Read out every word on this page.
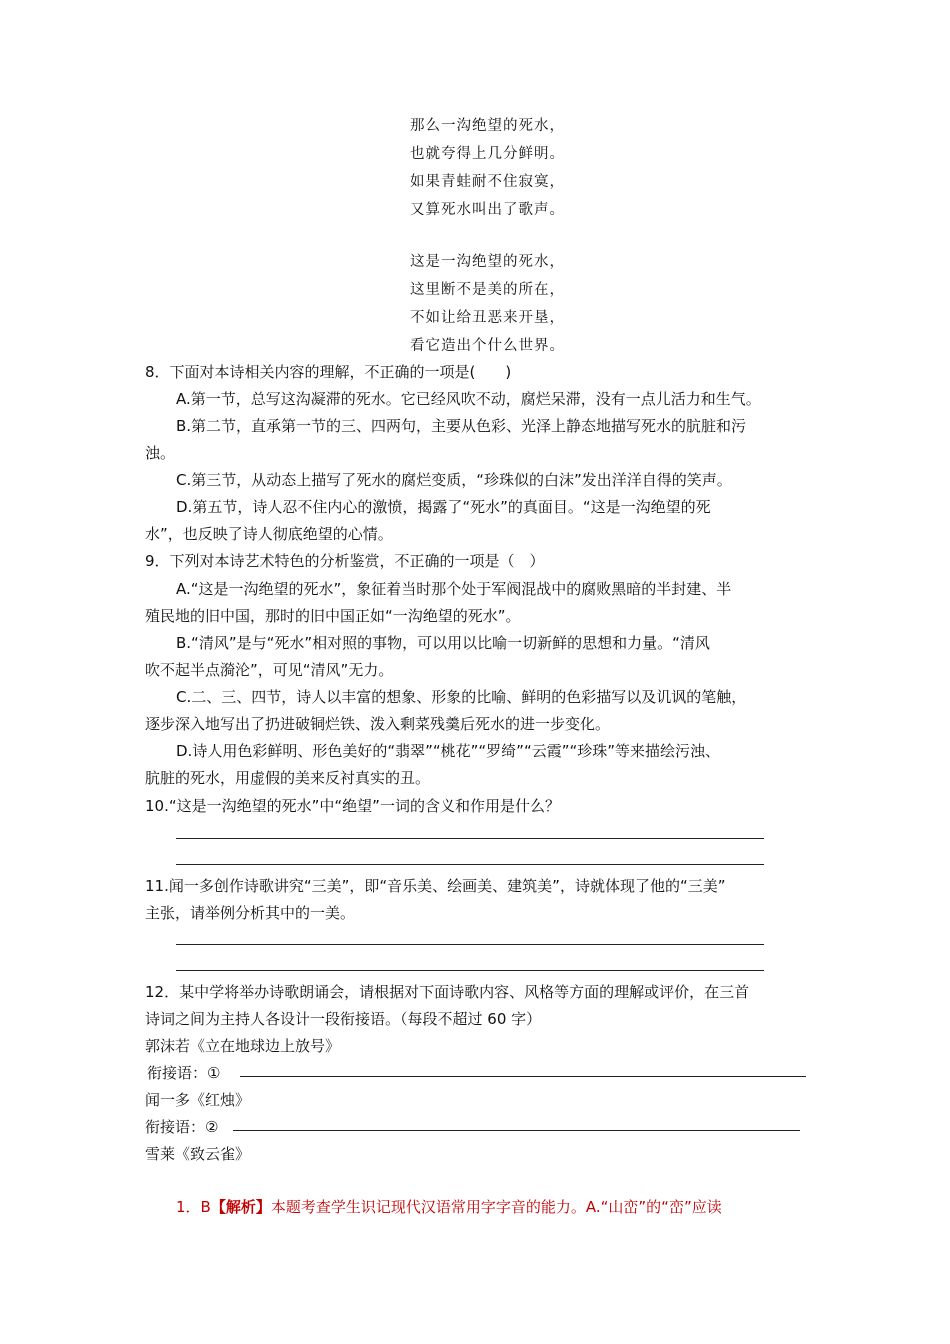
那么一沟绝望的死水，
也就夸得上几分鲜明。
如果青蛙耐不住寂寞，
又算死水叫出了歌声。
这是一沟绝望的死水，
这里断不是美的所在，
不如让给丑恶来开垦，
看它造出个什么世界。
8．下面对本诗相关内容的理解，不正确的一项是(　　)
A.第一节，总写这沟凝滞的死水。它已经风吹不动，腐烂呆滞，没有一点儿活力和生气。
B.第二节，直承第一节的三、四两句，主要从色彩、光泽上静态地描写死水的肮脏和污
浊。
C.第三节，从动态上描写了死水的腐烂变质，“珍珠似的白沫”发出洋洋自得的笑声。
D.第五节，诗人忍不住内心的激愤，揭露了“死水”的真面目。“这是一沟绝望的死
水”，也反映了诗人彻底绝望的心情。
9．下列对本诗艺术特色的分析鉴赏，不正确的一项是（　）
A.“这是一沟绝望的死水”，象征着当时那个处于军阀混战中的腐败黑暗的半封建、半
殖民地的旧中国，那时的旧中国正如“一沟绝望的死水”。
B.“清风”是与“死水”相对照的事物，可以用以比喻一切新鲜的思想和力量。“清风
吹不起半点漪沦”，可见“清风”无力。
C.二、三、四节，诗人以丰富的想象、形象的比喻、鲜明的色彩描写以及讥讽的笔触，
逐步深入地写出了扔进破铜烂铁、泼入剩菜残羹后死水的进一步变化。
D.诗人用色彩鲜明、形色美好的“翡翠”“桃花”“罗绮”“云霞”“珍珠”等来描绘污浊、
肮脏的死水，用虚假的美来反衬真实的丑。
10.“这是一沟绝望的死水”中“绝望”一词的含义和作用是什么？
11.闻一多创作诗歌讲究“三美”，即“音乐美、绘画美、建筑美”，诗就体现了他的“三美”
主张，请举例分析其中的一美。
12．某中学将举办诗歌朗诵会，请根据对下面诗歌内容、风格等方面的理解或评价，在三首
诗词之间为主持人各设计一段衔接语。（每段不超过 60 字）
郭沫若《立在地球边上放号》
衔接语：①
闻一多《红烛》
衔接语：②
雪莱《致云雀》
1．B【解析】本题考查学生识记现代汉语常用字字音的能力。A.“山峦”的“峦”应读
